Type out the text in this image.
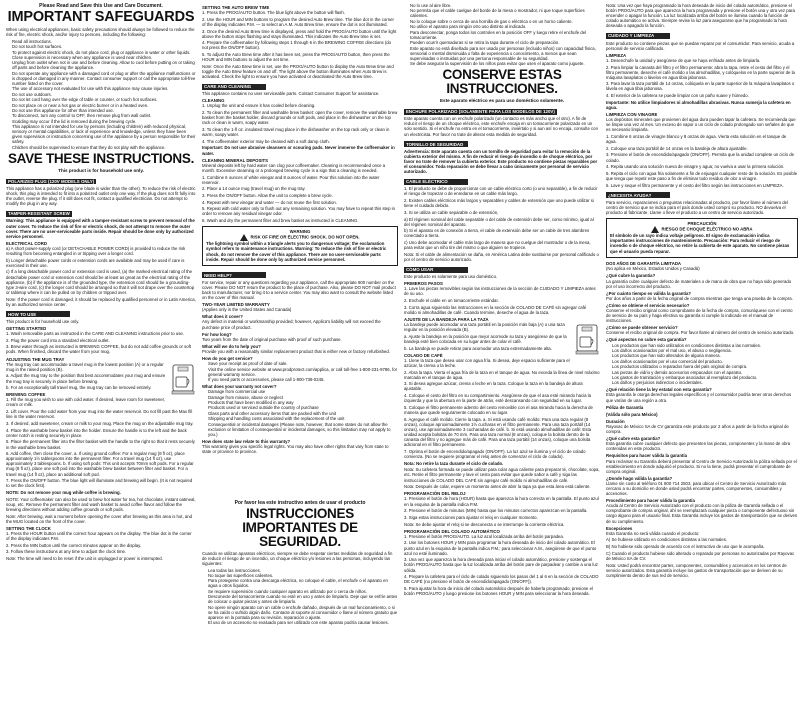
Please Read and Save this Use and Care Document.
IMPORTANT SAFEGUARDS

When using electrical appliances, basic safety precautions should always be followed to reduce the risk of fire, electric shock, and/or injury to persons, including the following:

• Read all instructions.
• Do not touch hot surfaces.
• To protect against electric shock, do not place cord, plug or appliance in water or other liquids.
• Close supervision is necessary when any appliance is used near children.
• Unplug from outlet when not in use and before cleaning. Allow to cool before putting on or taking off parts and before cleaning the appliance.
• Do not operate any appliance with a damaged cord or plug or after the appliance malfunctions or is dropped or damaged in any manner. Contact consumer support or call the appropriate toll-free number listed on the cover.
• The use of accessory not evaluated for use with this appliance may cause injuries.
• Do not use outdoors.
• Do not let cord hang over the edge of table or counter, or touch hot surfaces.
• Do not place on or near a hot gas or electric burner or in a heated oven.
• Do not use this appliance for other than intended use.
• To disconnect, turn any control to OFF, then remove plug from wall outlet.
• Scalding may occur if the lid is removed during the brewing cycle.
• This appliance is not intended for use by persons (including children) with reduced physical, sensory or mental capabilities, or lack of experience and knowledge, unless they have been given supervision or instruction concerning use of the appliance by a person responsible for their safety.
• Children should be supervised to ensure that they do not play with the appliance.
SAVE THESE INSTRUCTIONS.
This product is for household use only.
POLARIZED PLUG (120V MODELS ONLY)

This appliance has a polarized plug (one blade is wider than the other). To reduce the risk of electric shock, this plug is intended to fit into a polarized outlet only one way. If the plug does not fit fully into the outlet, reverse the plug. If it still does not fit, contact a qualified electrician. Do not attempt to modify the plug in any way.

TAMPER-RESISTANT SCREW

Warning: This appliance is equipped with a tamper-resistant screw to prevent removal of the outer cover. To reduce the risk of fire or electric shock, do not attempt to remove the outer cover. There are no user-serviceable parts inside. Repair should be done only by authorized service personnel.

ELECTRICAL CORD

a) A short power-supply cord (or DETACHABLE POWER CORD) is provided to reduce the risk resulting from becoming entangled in or tripping over a longer cord.

b) Longer detachable power cords or extension cords are available and may be used if care is exercised in their use.

c) If a long detachable power cord or extension cord is used, (a) the marked electrical rating of the detachable power cord or extension cord should be at least as great as the electrical rating of the appliance, (b) if the appliance is of the grounded type, the extension cord should be a grounding-type 3-wire cord, (c) the longer cord should be arranged so that it will not drape over the countertop or tabletop where it can be pulled on by children or tripped over.

Note: If the power cord is damaged, it should be replaced by qualified personnel or in Latin America, by an authorized service center.

HOW TO USE

This product is for household use only.

GETTING STARTED

1. Wash removable parts as instructed in the CARE AND CLEANING instructions prior to use.

2. Plug the power cord into a standard electrical outlet.

3. Brew water through as instructed in BREWING COFFEE, but do not add coffee grounds or soft pods. When finished, discard the water from your mug.

ADJUSTING THE MUG TRAY

The mug tray can accommodate a travel mug in the lowest position (A) or a regular mug in the raised position (B).

a. Adjust the mug tray to the position that best accommodates your mug and ensure the mug tray is securely in place before brewing.

b. For an exceptionally tall travel mug, the mug tray can be removed entirely.

BREWING COFFEE

1. Fill the mug you wish to use with cold water. If desired, leave room for sweetener, cream or milk.

2. Lift cover. Pour the cold water from your mug into the water reservoir. Do not fill past the Max fill line in the water reservoir.

3. If desired, add sweetener, cream or milk to your mug. Place the mug on the adjustable mug tray.

4. Place the washable brew basket into the holder. Ensure the handle is to the left and the back center notch is resting securely in place.

5. Place the permanent filter into the filter basket with the handle to the right so that it rests securely in the washable brew basket.

6. Add coffee, then close the cover. a. If using ground coffee: For a regular mug (8 fl oz), place approximately 1½ tablespoons into the permanent filter. For a travel mug (14 fl oz), use approximately 3 tablespoons. b. If using soft pods: This unit accepts 70mm soft pods. For a regular mug (8 fl oz), place one soft pod into the washable brew basket between filter and basket. For a travel mug (14 fl oz), place an additional soft pod.

7. Press the ON/OFF button. The blue light will illuminate and brewing will begin. (It is not required to set the clock first).

NOTE: Do not remove your mug while coffee is brewing.

NOTE: Your coffeemaker can also be used to brew hot water for tea, hot chocolate, instant oatmeal, soup, etc. Remove the permanent filter and wash basket to avoid coffee flavor and follow the brewing directions without adding coffee grounds or soft pods.

Note: After brewing, wait a moment before opening the cover after brewing as this area is hot, and the MUG located on the front of the cover.

SETTING THE CLOCK

1. Press the HOUR button until the correct hour appears on the display. The blue dot in the corner of the display indicates P.M.

2. Press the MIN button until the correct minutes appear on the display.

3. Follow these instructions at any time to adjust the clock time.

Note: The time will need to be reset if the unit is unplugged or power is interrupted.

SETTING THE AUTO BREW TIME

1. Press the PROG/AUTO button. The blue light above the button will flash.

2. Use the HOUR and MIN buttons to program the desired Auto Brew time. The blue dot in the corner of the display indicates P.M. — to select an A.M. Auto Brew time, ensure the dot is not illuminated.

3. Once the desired Auto Brew time is displayed, press and hold the PROG/AUTO button until the light above the button stops flashing and stays illuminated. This indicates the Auto Brew time is set.

4. Prepare the coffeemaker by following steps 1 through 6 in the BREWING COFFEE directions (do not press the ON/OFF button).

5. To adjust the Auto Brew time after it has been set, press the PROG/AUTO button, then press the HOUR and MIN buttons to adjust the set time.

Note: Once the Auto Brew time is set, use the PROG/AUTO button to display the Auto Brew time and toggle the Auto Brew feature on and off. The light above the button illuminates when Auto Brew is activated. Check the light to ensure you have activated or deactivated the Auto Brew time.

CARE AND CLEANING

This appliance contains no user serviceable parts. Contact Consumer Support for assistance.

CLEANING

1. Unplug the unit and ensure it has cooled before cleaning.

2. To clean the permanent filter and washable brew basket: open the cover, remove the washable brew basket from the basket holder, discard grounds or soft pods, and place in the dishwasher on the top rack or clean in warm, soapy water.

3. To clean the 1-fl oz. insulated travel mug place in the dishwasher on the top rack only or clean in warm, soapy water.

4. The coffeemaker exterior may be cleaned with a soft damp cloth.

Important: Do not use abrasive cleansers or scouring pads. Never immerse the coffeemaker in water.

CLEANING MINERAL DEPOSITS

Mineral deposits left by hard water can clog your coffeemaker. Cleaning is recommended once a month. Excessive steaming or a prolonged brewing cycle is a sign that a cleaning is needed.

1. Combine 6 ounces of white vinegar and 8 ounces of water. Pour this solution into the water reservoir.

2. Place a 14 ounce mug (travel mug) on the mug tray.

3. Press the ON/OFF button. Allow the unit to complete a brew cycle.

4. Repeat with new vinegar and water — do not reuse the first solution.

5. Repeat with cold water only to flush out any remaining solution. You may have to repeat this step in order to remove any residual vinegar odor.

6. Wash and dry the permanent filter and brew basket as instructed in CLEANING.

WARNING
RISK OF FIRE OR ELECTRIC SHOCK. DO NOT OPEN.

The lightning symbol within a triangle alerts you to dangerous voltage; the exclamation symbol refers to maintenance instructions. Warning: To reduce the risk of fire or electric shock, do not remove the cover of this appliance. There are no user-serviceable parts inside. Repair should be done only by authorized service personnel.

NEED HELP?

For service, repair or any questions regarding your appliance, call the appropriate 800 number on the cover. Please DO NOT return the product to the place of purchase. Also, please DO NOT mail product back to manufacturer, nor bring it to a service center. You may also want to consult the website listed on the cover of this manual.

TWO-YEAR LIMITED WARRANTY

(Applies only in the United States and Canada)

What does it cover?

Any defect in material or workmanship provided; however, Applica's liability will not exceed the purchase price of product.

For how long?

Two years from the date of original purchase with proof of such purchase.

What will we do to help you?

Provide you with a reasonably similar replacement product that is either new or factory refurbished.

How do you get service?
• Save your receipt as proof of date of sale.
• Visit the online service website at www.prodprotect.com/applica, or call toll-free 1-800-231-9786, for general warranty service.
• If you need parts or accessories, please call 1-800-738-0245.
What does your warranty not cover?
• Damage from commercial use
• Damage from misuse, abuse or neglect
• Products that have been modified in any way
• Products used or serviced outside the country of purchase
• Glass parts and other accessory items that are packed with the unit
• Shipping and handling costs associated with the replacement of the unit
• Consequential or incidental damages (Please note, however, that some states do not allow the exclusion or limitation of consequential or incidental damages, so this limitation may not apply to you.)
How does state law relate to this warranty?

This warranty gives you specific legal rights. You may also have other rights that vary from state to state or province to province.

Por favor lea este instructivo antes de usar el producto
INSTRUCCIONES IMPORTANTES DE SEGURIDAD.

Cuando se utilizan aparatos eléctricos, siempre se debe respetar ciertas medidas de seguridad a fin de reducir el riesgo de un incendio, un choque eléctrico y/o lesiones a las personas, incluyendo las siguientes:

• Lea todas las instrucciones.
• No toque las superficies calientes.
• Para protegerse contra una descarga eléctrica, no coloque el cable, el enchufe o el aparato en agua u otros líquidos.
• Se requiere supervisión cuando cualquier aparato es utilizado por o cerca de niños.
• Desconecte del tomacorriente cuando no esté en uso y antes de limpiarlo. Deje que se enfríe antes de colocar o quitar piezas y antes de limpiarlo.
• No opere ningún aparato con un cable o enchufe dañado, después de un mal funcionamiento, o si se ha caído o sufrido algún daño. Contacte al soporte al consumidor o llame al número gratuito que aparece en la portada para su revisión, reparación o ajuste.
• El uso de un accesorio no evaluado para ser utilizado con este aparato podría causar lesiones.
• No lo use al aire libre.
• No permita que el cable cuelgue del borde de la mesa o mostrador, ni que toque superficies calientes.
• No lo coloque sobre o cerca de una hornilla de gas o eléctrica o en un horno caliente.
• No utilice el aparato para ningún otro uso distinto al indicado.
• Para desconectar, ponga todos los controles en la posición OFF y luego retire el enchufe del tomacorriente.
• Pueden ocurrir quemaduras si se retira la tapa durante el ciclo de preparación.
• Este aparato no está diseñado para ser usado por personas (incluido niños) con capacidad física, sensorial o mental disminuida o falta de experiencia o conocimiento, a menos que sean supervisadas o instruidas por una persona responsable de su seguridad.
• Se debe asegurar la supervisión de los niños para evitar que usen el aparato como juguete.
CONSERVE ESTAS INSTRUCCIONES.
Este aparato eléctrico es para uso doméstico solamente.
ENCHUFE POLARIZADO (SOLAMENTE PARA LOS MODELOS DE 120V)

Este aparato cuenta con un enchufe polarizado (un contacto es más ancho que el otro). A fin de reducir el riesgo de un choque eléctrico, este enchufe encaja en un tomacorriente polarizado en un solo sentido. Si el enchufe no entra en el tomacorriente, inviértalo y si aun así no encaja, consulte con un electricista. Por favor no trate de alterar esta medida de seguridad.

TORNILLO DE SEGURIDAD

Advertencia: Este aparato cuenta con un tornillo de seguridad para evitar la remoción de la cubierta exterior del mismo. A fin de reducir el riesgo de incendio o de choque eléctrico, por favor no trate de remover la cubierta exterior. Este producto no contiene piezas reparables por el consumidor. Toda reparación se debe llevar a cabo únicamente por personal de servicio autorizado.

CABLE ELÉCTRICO

1. El producto se debe de proporcionar con un cable eléctrico corto (o uno separable), a fin de reducir el riesgo de tropezar o de enredarse en un cable más largo.

2. Existen cables eléctricos más largos y separables y cables de extensión que uno puede utilizar si tiene el cuidado debido.

3. Si se utiliza un cable separable o de extensión,

a) El régimen nominal del cable separable o del cable de extensión debe ser, como mínimo, igual al del régimen nominal del aparato.

b) Si el aparato es de conexión a tierra, el cable de extensión debe ser un cable de tres alambres conectado a tierra.

c) Uno debe acomodar el cable más largo de manera que no cuelgue del mostrador o de la mesa, para evitar que un niño tire del mismo o que alguien se tropiece.

Nota: Si el cable de alimentación se daña, en América Latina debe sustituirse por personal calificado o por el centro de servicio autorizado.

CÓMO USAR

Este producto es solamente para uso doméstico.

PRIMEROS PASOS

1. Lave las piezas removibles según las instrucciones de la sección de CUIDADO Y LIMPIEZA antes de su uso.

2. Enchufe el cable en un tomacorriente estándar.

3. Corra agua siguiendo las instrucciones en la sección de COLADO DE CAFÉ sin agregar café molido ni almohadillas de café. Cuando termine, deseche el agua de la taza.

AJUSTE DE LA BANDEJA PARA LA TAZA

La bandeja puede acomodar una taza portátil en la posición más baja (A) o una taza regular en la posición elevada (B).

a. Ajuste la bandeja en la posición que mejor acomode su taza y asegúrese de que la bandeja esté bien colocada en su lugar antes de colar el café.

b. La bandeja se puede retirar para acomodar una taza extremadamente alta.

COLADO DE CAFÉ

1. Llene la taza que desea usar con agua fría. Si desea, deje espacio suficiente para el azúcar, la crema o la leche.

2. Abra la tapa. Vierta el agua fría de la taza en el tanque de agua. No exceda la línea de nivel máximo marcada en el tanque de agua.

3. Si desea agregue azúcar, crema o leche en la taza. Coloque la taza en la bandeja de altura ajustable.

4. Coloque el cesto del filtro en su compartimiento. Asegúrese de que el asa esté mirando hacia la izquierda y que la abertura en la parte de atrás, esté descansando con seguridad en su lugar.

5. Coloque el filtro permanente adentro del cesto removible con el asa mirando hacia la derecha de manera que quede seguramente colocado en su lugar.

6. Agregue el café molido. Cierre la tapa. a. Si está usando café molido: Para una taza regular (8 onzas), coloque aproximadamente 1½ cucharas en el filtro permanente. Para una taza portátil (14 onzas), use aproximadamente 3 cucharadas de café. b. Si está usando almohadillas de café: Esta unidad acepta bolsitas de 70 mm. Para una taza normal (8 onzas), coloque la bolsita dentro de la canasta del filtro y no agregue más de café. Para una taza portátil (14 onzas), coloque una bolsita adicional en el filtro permanente.

7. Oprima el botón de encendido/apagado (ON/OFF). La luz azul se ilumina y el ciclo de colado comienza. (No se requiere programar el reloj antes de comenzar el ciclo de colado).

Nota: No retire la taza durante el ciclo de colado.

Nota: Su cafetera formada se puede utilizar para colar agua caliente para preparar té, chocolate, sopa, etc. Retire el filtro permanente y lave el cesto para evitar que quede sabor a café y siga las instrucciones de COLADO DEL CAFÉ sin agregar café molido ni almohadillas de café.

Nota: Después de colar, espere un momento antes de abrir la tapa ya que esta área está caliente.

PROGRAMACIÓN DEL RELOJ

1. Presione el botón de hora (HOUR) hasta que aparezca la hora correcta en la pantalla. El punto azul en la esquina de la pantalla indica P.M.

2. Presione el botón de minutos (MIN) hasta que los minutos correctos aparezcan en la pantalla.

3. Siga estas instrucciones para ajustar el reloj en cualquier momento.

Nota: Se debe ajustar el reloj si se desconecta o se interrumpe la corriente eléctrica.

PROGRAMACIÓN DEL COLADO AUTOMÁTICO

1. Presione el botón PROG/AUTO. La luz azul localizada arriba del botón parpadea.

2. Use los botones HOUR y MIN para programar la hora deseada de inicio del colado automático. El punto azul en la esquina de la pantalla indica P.M.; para seleccionar A.M., asegúrese de que el punto azul no esté iluminado.

3. Una vez que aparezca la hora deseada para iniciar el colado automático, presione y sostenga el botón PROG/AUTO hasta que la luz localizada arriba del botón pare de parpadear y cambie a una luz sólida.

4. Prepare la cafetera para el ciclo de colado siguiendo los pasos del 1 al 6 en la sección de COLADO DE CAFÉ (no presione el botón de encendido/apagado (ON/OFF)).

5. Para ajustar la hora de inicio del colado automático después de haberla programado, presione el botón PROG/AUTO y luego presione los botones HOUR y MIN para seleccionar la hora deseada.

Nota: Una vez que haya programado la hora deseada de inicio del colado automático, presione el botón PROG/AUTO para que aparezca la hora programada y presione el botón una y otra vez para encender o apagar la función. La luz localizada arriba del botón se ilumina cuando la función de colado automático se activa. Siempre revise la luz para asegurarse que ha programado la hora deseada o apagado la función.

CUIDADO Y LIMPIEZA

Este producto no contiene piezas que se puedan reparar por el consumidor. Para servicio, acuda a personal de servicio calificado.

LIMPIEZA

1. Desenchufe la unidad y asegúrese de que se haya enfriado antes de limpiarla.

2. Para limpiar la canasta del filtro y el filtro permanente: abra la tapa, retire el cesto del filtro y el filtro permanente, deseche el café molido o las almohadillas, y colóquelos en la parte superior de la máquina lavaplatos o lávelos en agua tibia jabonosa.

3. Para lavar la taza portátil de 14 onzas, colóquela en la parte superior de la máquina lavaplatos o lávela en agua tibia jabonosa.

4. El exterior de la cafetera se puede limpiar con un paño suave y húmedo.

Importante: No utilice limpiadores ni almohadillas abrasivas. Nunca sumerja la cafetera en agua.

LIMPIEZA CON VINAGRE

Los depósitos minerales que provienen del agua dura pueden tapar la cafetera. Se recomienda que se limpie una vez al mes. Un exceso de vapor o un ciclo de colado prolongado son señales de que es necesario limpiarla.

1. Combine 6 onzas de vinagre blanco y 8 onzas de agua. Vierta esta solución en el tanque de agua.

2. Coloque una taza portátil de 14 onzas en la bandeja de altura ajustable.

3. Presione el botón de encendido/apagado (ON/OFF). Permita que la unidad complete un ciclo de colado.

4. Repita usando una solución nueva de vinagre y agua; no vuelva a usar la primera solución.

5. Repita el ciclo con agua fría solamente a fin de enjuagar cualquier resto de la solución. Es posible que tenga que repetir este paso a fin de eliminar todo residuo de olor a vinagre.

6. Lave y seque el filtro permanente y el cesto del filtro según las instrucciones en LIMPIEZA.

¿NECESITA AYUDA?

Para servicio, reparaciones o preguntas relacionadas al producto, por favor llame al número del centro de servicio que se indica para el país donde usted compró su producto. NO devuelva el producto al fabricante. Llame o lleve el producto a un centro de servicio autorizado.

PRECAUCIÓN
RIESGO DE CHOQUE ELÉCTRICO NO ABRA

El símbolo de un rayo indica voltaje peligroso. El signo de exclamación indica importantes instrucciones de mantenimiento. Precaución: Para reducir el riesgo de incendio o de choque eléctrico, no retire la cubierta de este aparato. No contiene piezas que el usuario pueda reparar.

DOS AÑOS DE GARANTÍA LIMITADA

(No aplica en México, Estados Unidos y Canadá)

¿Qué cubre la garantía?

La garantía cubre cualquier defecto de materiales o de mano de obra que no haya sido generado por el uso incorrecto del producto.

¿Por cuánto tiempo es válida la garantía?

Por dos años a partir de la fecha original de compra mientras que tenga una prueba de la compra.

¿Cómo se obtiene el servicio necesario?

Conserve el recibo original como comprobante de la fecha de compra, comuníquese con el centro de servicio de su país y haga efectiva su garantía si cumple lo indicado en el manual de instrucciones.

¿Cómo se puede obtener servicio?

Conserve el recibo original de compra. Por favor llame al número del centro de servicio autorizado.

¿Qué aspectos no cubre esta garantía?
• Los productos que han sido utilizados en condiciones distintas a las normales.
• Los daños ocasionados por el mal uso, el abuso o negligencia.
• Los productos que han sido alterados de alguna manera.
• Los daños ocasionados por el uso comercial del producto.
• Los productos utilizados o reparados fuera del país original de compra.
• Las piezas de vidrio y demás accesorios empacados con el aparato.
• Los gastos de tramitación y embarque asociados al reemplazo del producto.
• Los daños y perjuicios indirectos o incidentales.
¿Qué relación tiene la ley estatal con esta garantía?

Esta garantía le otorga derechos legales específicos y el consumidor podría tener otros derechos que varían de una región a otra.

Póliza de Garantía
(Válida sólo para México)
Duración

Rayovac de México SA de CV garantiza este producto por 2 años a partir de la fecha original de compra.

¿Qué cubre esta garantía?

Esta garantía cubre cualquier defecto que presenten las piezas, componentes y la mano de obra contenidas en este producto.

Requisitos para hacer válida la garantía

Para reclamar su Garantía deberá presentar al Centro de Servicio Autorizado la póliza sellada por el establecimiento en donde adquirió el producto. Si no la tiene, podrá presentar el comprobante de compra original.

¿Donde hago válida la garantía?

Llame sin costo al teléfono 01 800 714 2503, para ubicar el Centro de Servicio Autorizado más cercano a su domicilio en donde usted podrá encontrar partes, componentes, consumibles y accesorios.

Procedimiento para hacer válida la garantía

Acuda al Centro de Servicio Autorizado con el producto con la póliza de Garantía sellada o el comprobante de compra original, ahí se reemplazará cualquier pieza o componente defectuoso sin cargo alguno para el usuario final. Esta Garantía incluye los gastos de transportación que se deriven de su cumplimiento.

Excepciones

Esta Garantía no será válida cuando el producto:

A) Se hubiese utilizado en condiciones distintas a las normales.

B) No hubiese sido operado de acuerdo con el instructivo de uso que le acompaña.

C) Cuando el producto hubiese sido alterado o reparado por personas no autorizadas por Rayovac de México SA de CV.

Nota: Usted podrá encontrar partes, componentes, consumibles y accesorios en los centros de servicio autorizados. Esta garantía incluye los gastos de transportación que se deriven de su cumplimiento dentro de sus red de servicio.
